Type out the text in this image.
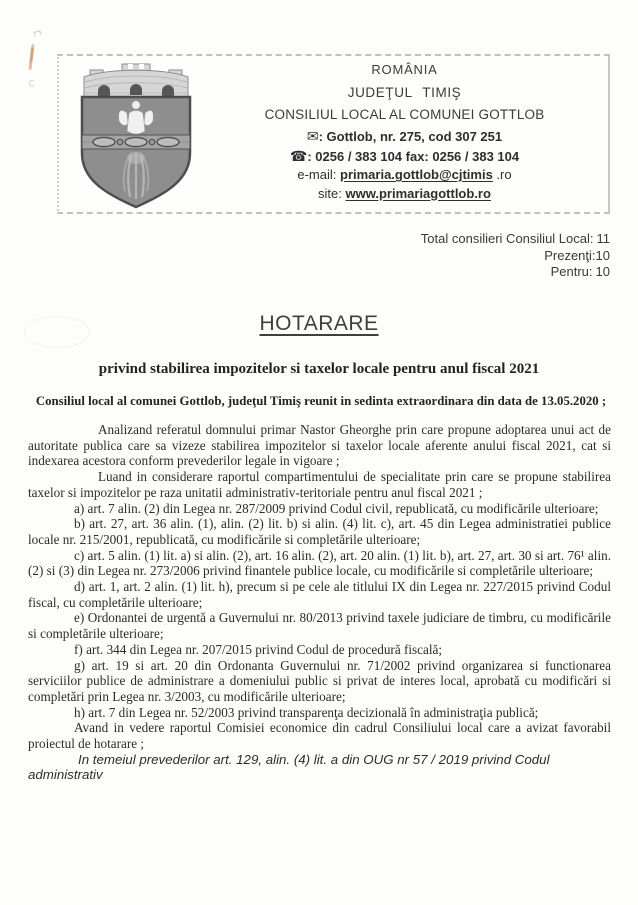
ROMÂNIA
JUDEŢUL TIMIŞ
CONSILIUL LOCAL AL COMUNEI GOTTLOB
✉: Gottlob, nr. 275, cod 307 251
☎: 0256 / 383 104 fax: 0256 / 383 104
e-mail: primaria.gottlob@cjtimis .ro
site: www.primariagottlob.ro
Total consilieri Consiliul Local: 11
Prezenţi:10
Pentru: 10
HOTARARE
privind stabilirea impozitelor si taxelor locale pentru anul fiscal 2021
Consiliul local al comunei Gottlob, judeţul Timiş reunit in sedinta extraordinara din data de 13.05.2020 ;

Analizand referatul domnului primar Nastor Gheorghe prin care propune adoptarea unui act de autoritate publica care sa vizeze stabilirea impozitelor si taxelor locale aferente anului fiscal 2021, cat si indexarea acestora conform prevederilor legale in vigoare ;

Luand in considerare raportul compartimentului de specialitate prin care se propune stabilirea taxelor si impozitelor pe raza unitatii administrativ-teritoriale pentru anul fiscal 2021 ;

a) art. 7 alin. (2) din Legea nr. 287/2009 privind Codul civil, republicată, cu modificările ulterioare;

b) art. 27, art. 36 alin. (1), alin. (2) lit. b) si alin. (4) lit. c), art. 45 din Legea administratiei publice locale nr. 215/2001, republicată, cu modificările si completările ulterioare;

c) art. 5 alin. (1) lit. a) si alin. (2), art. 16 alin. (2), art. 20 alin. (1) lit. b), art. 27, art. 30 si art. 76¹ alin. (2) si (3) din Legea nr. 273/2006 privind finantele publice locale, cu modificările si completările ulterioare;

d) art. 1, art. 2 alin. (1) lit. h), precum si pe cele ale titlului IX din Legea nr. 227/2015 privind Codul fiscal, cu completările ulterioare;

e) Ordonantei de urgentă a Guvernului nr. 80/2013 privind taxele judiciare de timbru, cu modificările si completările ulterioare;

f) art. 344 din Legea nr. 207/2015 privind Codul de procedură fiscală;

g) art. 19 si art. 20 din Ordonanta Guvernului nr. 71/2002 privind organizarea si functionarea serviciilor publice de administrare a domeniului public si privat de interes local, aprobată cu modificări si completări prin Legea nr. 3/2003, cu modificările ulterioare;

h) art. 7 din Legea nr. 52/2003 privind transparenţa decizională în administraţia publică;

Avand in vedere raportul Comisiei economice din cadrul Consiliului local care a avizat favorabil proiectul de hotarare ;

In temeiul prevederilor art. 129, alin. (4) lit. a din OUG nr 57 / 2019 privind Codul administrativ
